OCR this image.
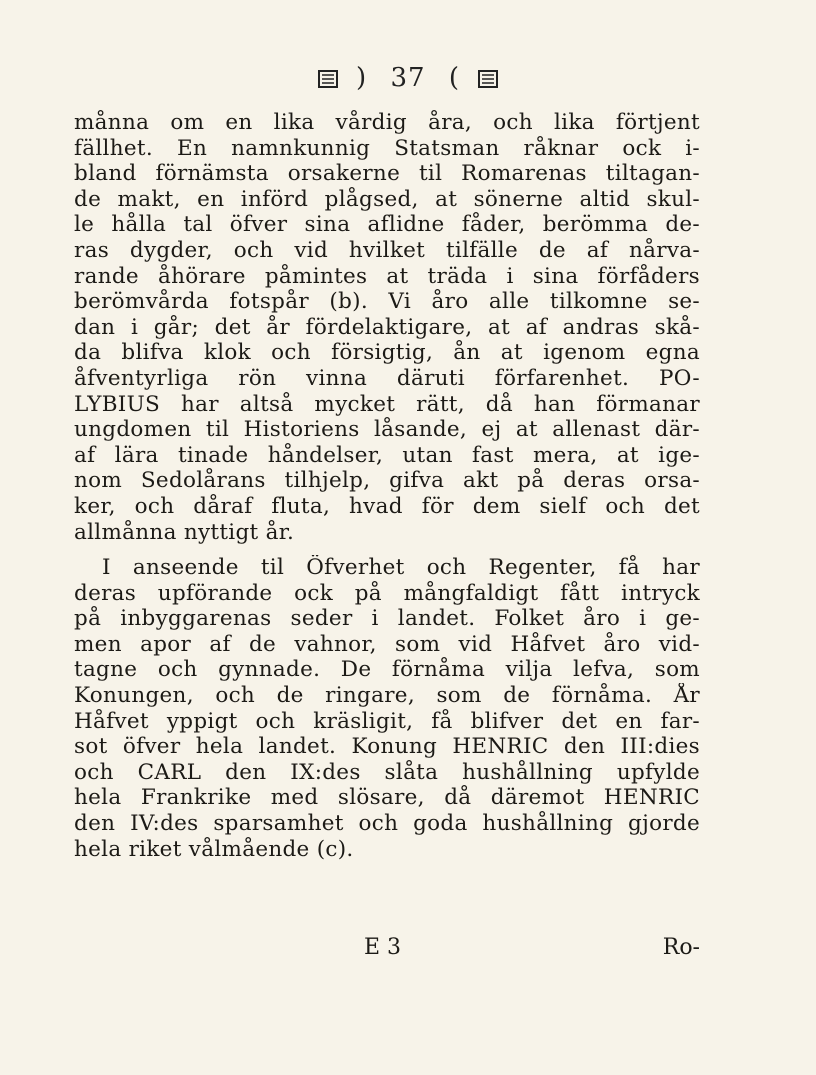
) 37 (
månna om en lika vårdig åra, och lika förtjent
fällhet. En namnkunnig Statsman råknar ock i-
bland förnämsta orsakerne til Romarenas tiltagan-
de makt, en införd plågsed, at sönerne altid skul-
le hålla tal öfver sina aflidne fåder, berömma de-
ras dygder, och vid hvilket tilfälle de af nårva-
rande åhörare påmintes at träda i sina förfåders
berömvårda fotspår (b). Vi åro alle tilkomne se-
dan i går; det år fördelaktigare, at af andras skå-
da blifva klok och försigtig, ån at igenom egna
åfventyrliga rön vinna däruti förfarenhet. PO-
LYBIUS har altså mycket rätt, då han förmanar
ungdomen til Historiens låsande, ej at allenast där-
af lära tinade håndelser, utan fast mera, at ige-
nom Sedolårans tilhjelp, gifva akt på deras orsa-
ker, och dåraf fluta, hvad för dem sielf och det
allmånna nyttigt år.
I anseende til Öfverhet och Regenter, få har
deras upförande ock på mångfaldigt fått intryck
på inbyggarenas seder i landet. Folket åro i ge-
men apor af de vahnor, som vid Håfvet åro vid-
tagne och gynnade. De förnåma vilja lefva, som
Konungen, och de ringare, som de förnåma. År
Håfvet yppigt och kräsligit, få blifver det en far-
sot öfver hela landet. Konung HENRIC den III:dies
och CARL den IX:des slåta hushållning upfylde
hela Frankrike med slösare, då däremot HENRIC
den IV:des sparsamhet och goda hushållning gjorde
hela riket vålmående (c).
E 3	Ro-
